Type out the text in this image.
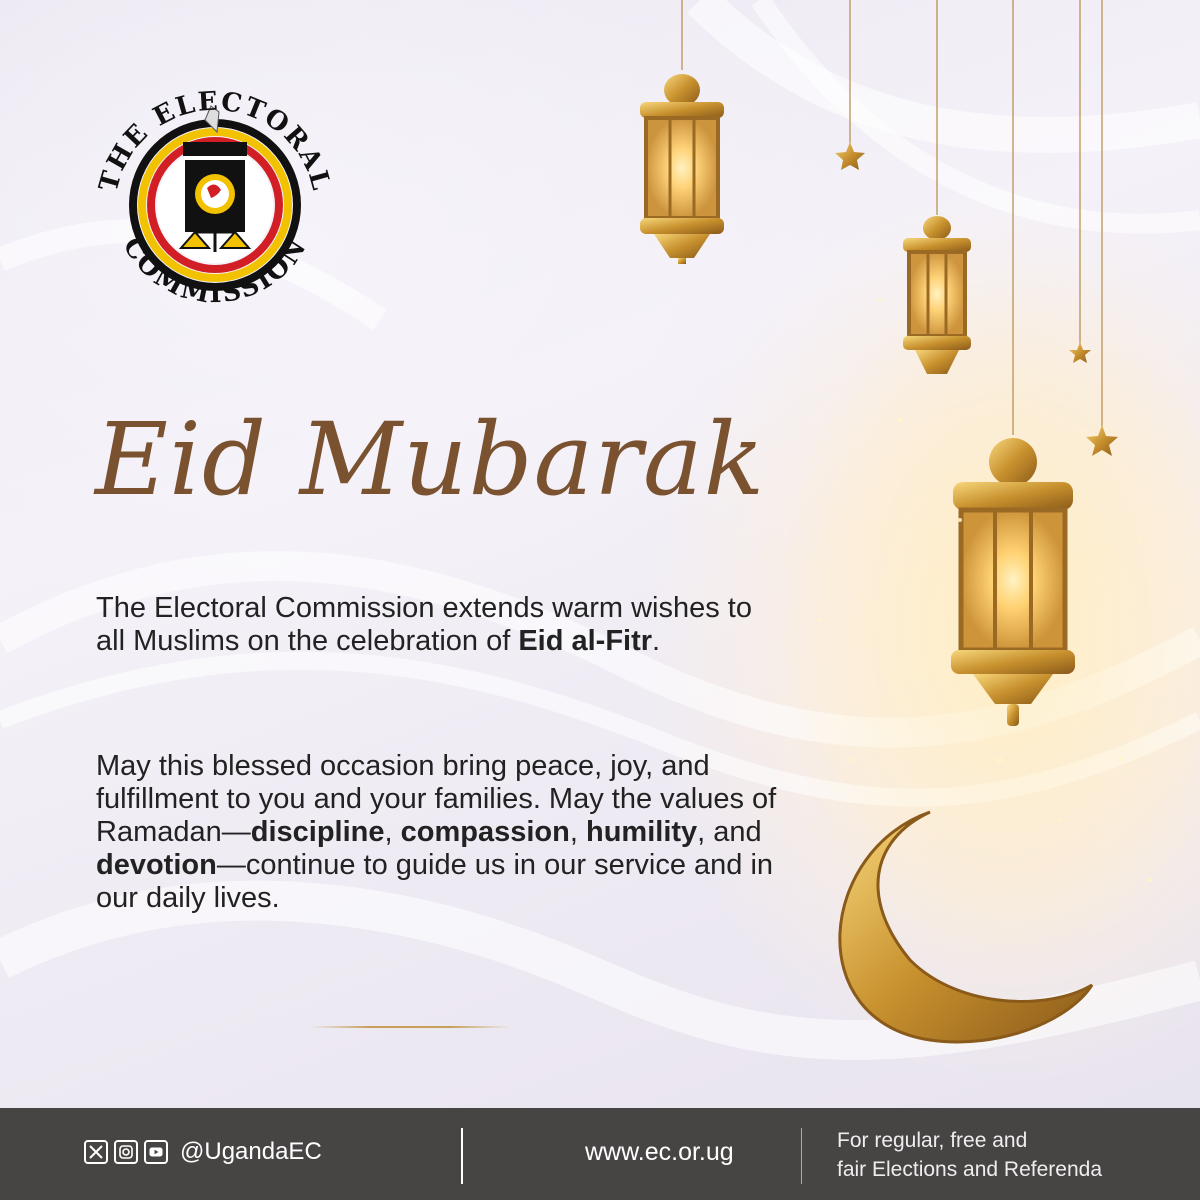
THE ELECTORAL
COMMISSION
Eid Mubarak
The Electoral Commission extends warm wishes to all Muslims on the celebration of Eid al-Fitr.
May this blessed occasion bring peace, joy, and fulfillment to you and your families. May the values of Ramadan—discipline, compassion, humility, and devotion—continue to guide us in our service and in our daily lives.
@UgandaEC	www.ec.or.ug	For regular, free and
fair Elections and Referenda
